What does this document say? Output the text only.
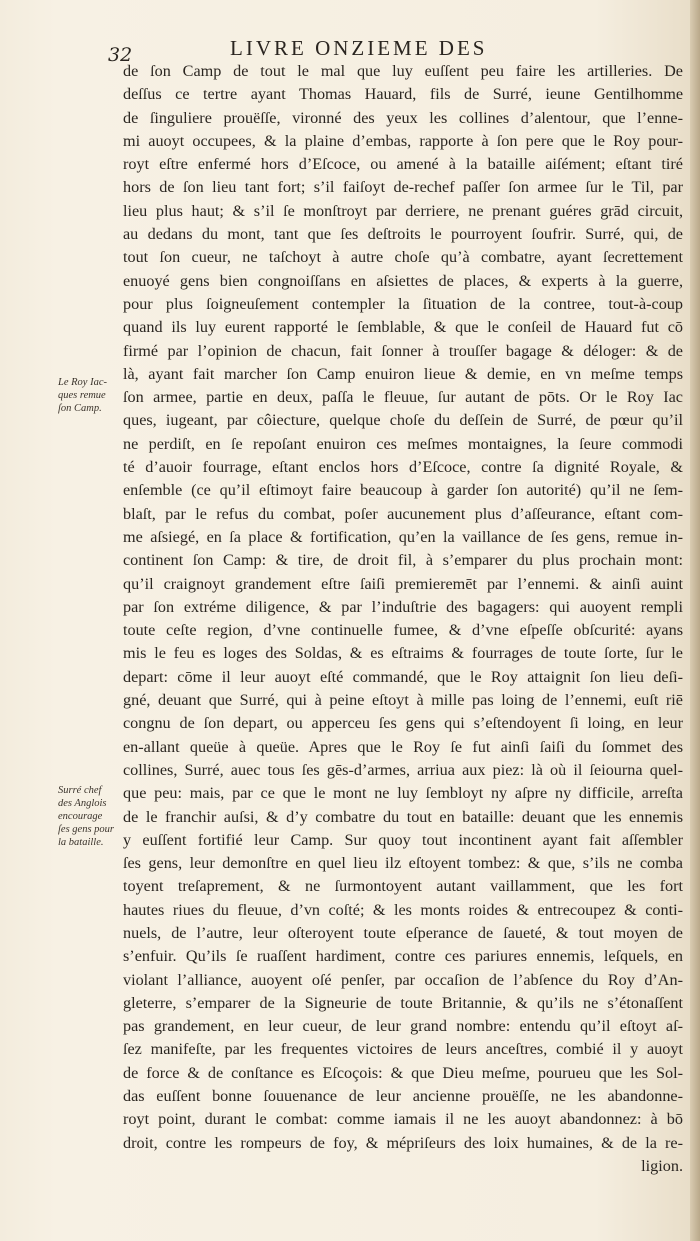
32	LIVRE ONZIEME DES
Le Roy Iac-
ques remue
ſon Camp.
Surré chef
des Anglois
encourage
ſes gens pour
la bataille.
de ſon Camp de tout le mal que luy euſſent peu faire les artilleries. De
deſſus ce tertre ayant Thomas Hauard, fils de Surré, ieune Gentilhomme
de ſinguliere prouëſſe, vironné des yeux les collines d’alentour, que l’enne-
mi auoyt occupees, & la plaine d’embas, rapporte à ſon pere que le Roy pour-
royt eſtre enfermé hors d’Eſcoce, ou amené à la bataille aiſément; eſtant tiré
hors de ſon lieu tant fort; s’il faiſoyt de-rechef paſſer ſon armee ſur le Til, par
lieu plus haut; & s’il ſe monſtroyt par derriere, ne prenant guéres grād circuit,
au dedans du mont, tant que ſes deſtroits le pourroyent ſoufrir. Surré, qui, de
tout ſon cueur, ne taſchoyt à autre choſe qu’à combatre, ayant ſecrettement
enuoyé gens bien congnoiſſans en aſsiettes de places, & experts à la guerre,
pour plus ſoigneuſement contempler la ſituation de la contree, tout-à-coup
quand ils luy eurent rapporté le ſemblable, & que le conſeil de Hauard fut cō
firmé par l’opinion de chacun, fait ſonner à trouſſer bagage & déloger: & de
là, ayant fait marcher ſon Camp enuiron lieue & demie, en vn meſme temps
ſon armee, partie en deux, paſſa le fleuue, ſur autant de pōts. Or le Roy Iac
ques, iugeant, par côiecture, quelque choſe du deſſein de Surré, de pœur qu’il
ne perdiſt, en ſe repoſant enuiron ces meſmes montaignes, la ſeure commodi
té d’auoir fourrage, eſtant enclos hors d’Eſcoce, contre ſa dignité Royale, &
enſemble (ce qu’il eſtimoyt faire beaucoup à garder ſon autorité) qu’il ne ſem-
blaſt, par le refus du combat, poſer aucunement plus d’aſſeurance, eſtant com-
me aſsiegé, en ſa place & fortification, qu’en la vaillance de ſes gens, remue in-
continent ſon Camp: & tire, de droit fil, à s’emparer du plus prochain mont:
qu’il craignoyt grandement eſtre ſaiſi premieremēt par l’ennemi. & ainſi auint
par ſon extréme diligence, & par l’induſtrie des bagagers: qui auoyent rempli
toute ceſte region, d’vne continuelle fumee, & d’vne eſpeſſe obſcurité: ayans
mis le feu es loges des Soldas, & es eſtraims & fourrages de toute ſorte, ſur le
depart: cōme il leur auoyt eſté commandé, que le Roy attaignit ſon lieu deſi-
gné, deuant que Surré, qui à peine eſtoyt à mille pas loing de l’ennemi, euſt riē
congnu de ſon depart, ou apperceu ſes gens qui s’eſtendoyent ſi loing, en leur
en-allant queüe à queüe. Apres que le Roy ſe fut ainſi ſaiſi du ſommet des
collines, Surré, auec tous ſes gēs-d’armes, arriua aux piez: là où il ſeiourna quel-
que peu: mais, par ce que le mont ne luy ſembloyt ny aſpre ny difficile, arreſta
de le franchir auſsi, & d’y combatre du tout en bataille: deuant que les ennemis
y euſſent fortifié leur Camp. Sur quoy tout incontinent ayant fait aſſembler
ſes gens, leur demonſtre en quel lieu ilz eſtoyent tombez: & que, s’ils ne comba
toyent treſaprement, & ne ſurmontoyent autant vaillamment, que les fort
hautes riues du fleuue, d’vn coſté; & les monts roides & entrecoupez & conti-
nuels, de l’autre, leur oſteroyent toute eſperance de ſaueté, & tout moyen de
s’enfuir. Qu’ils ſe ruaſſent hardiment, contre ces pariures ennemis, leſquels, en
violant l’alliance, auoyent oſé penſer, par occaſion de l’abſence du Roy d’An-
gleterre, s’emparer de la Signeurie de toute Britannie, & qu’ils ne s’étonaſſent
pas grandement, en leur cueur, de leur grand nombre: entendu qu’il eſtoyt aſ-
ſez manifeſte, par les frequentes victoires de leurs anceſtres, combié il y auoyt
de force & de conſtance es Eſcoçois: & que Dieu meſme, pourueu que les Sol-
das euſſent bonne ſouuenance de leur ancienne prouëſſe, ne les abandonne-
royt point, durant le combat: comme iamais il ne les auoyt abandonnez: à bō
droit, contre les rompeurs de foy, & mépriſeurs des loix humaines, & de la re-
ligion.
